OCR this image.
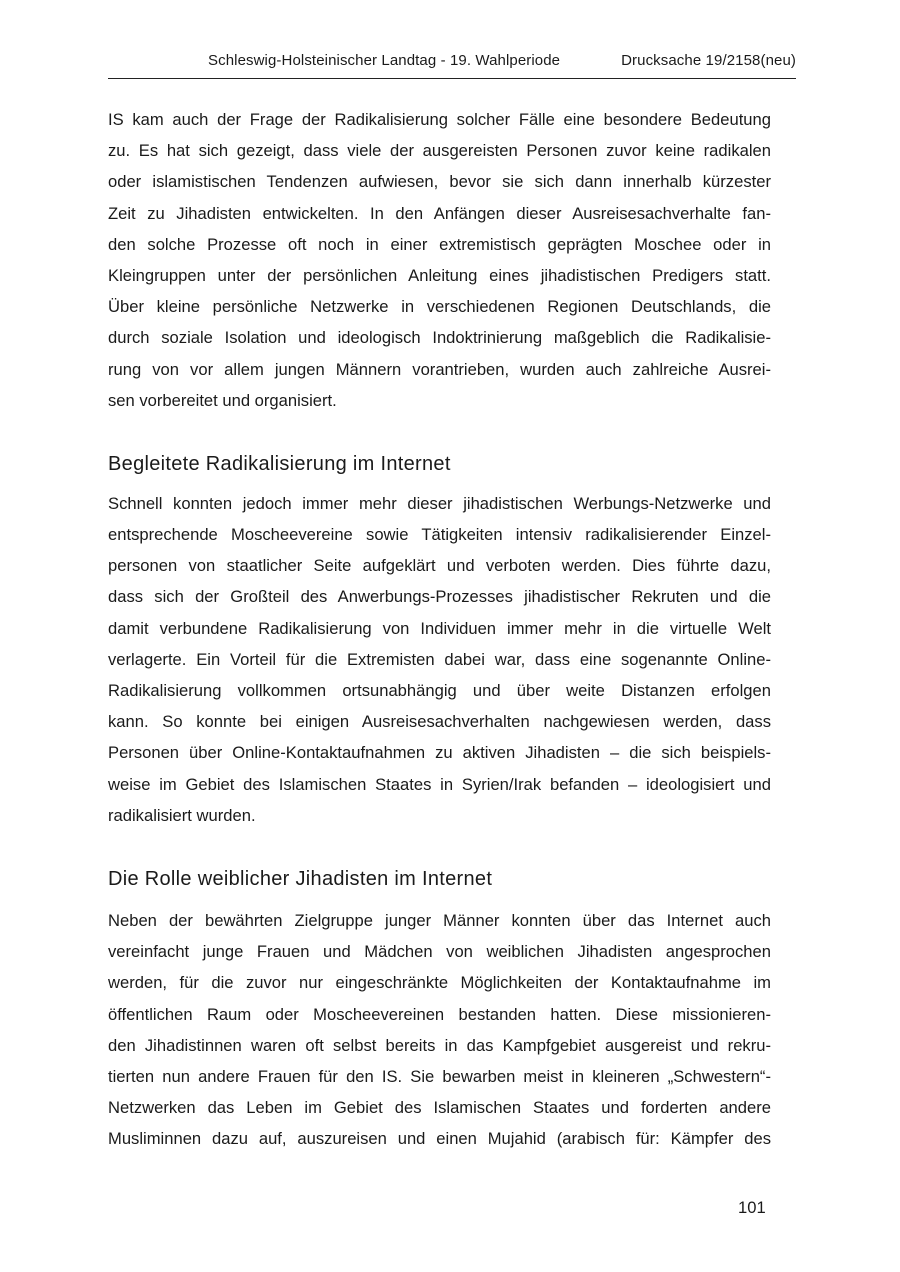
Schleswig-Holsteinischer Landtag - 19. Wahlperiode	Drucksache 19/2158(neu)

IS kam auch der Frage der Radikalisierung solcher Fälle eine besondere Bedeutung
zu. Es hat sich gezeigt, dass viele der ausgereisten Personen zuvor keine radikalen
oder islamistischen Tendenzen aufwiesen, bevor sie sich dann innerhalb kürzester
Zeit zu Jihadisten entwickelten. In den Anfängen dieser Ausreisesachverhalte fan-
den solche Prozesse oft noch in einer extremistisch geprägten Moschee oder in
Kleingruppen unter der persönlichen Anleitung eines jihadistischen Predigers statt.
Über kleine persönliche Netzwerke in verschiedenen Regionen Deutschlands, die
durch soziale Isolation und ideologisch Indoktrinierung maßgeblich die Radikalisie-
rung von vor allem jungen Männern vorantrieben, wurden auch zahlreiche Ausrei-
sen vorbereitet und organisiert.

Begleitete Radikalisierung im Internet

Schnell konnten jedoch immer mehr dieser jihadistischen Werbungs-Netzwerke und
entsprechende Moscheevereine sowie Tätigkeiten intensiv radikalisierender Einzel-
personen von staatlicher Seite aufgeklärt und verboten werden. Dies führte dazu,
dass sich der Großteil des Anwerbungs-Prozesses jihadistischer Rekruten und die
damit verbundene Radikalisierung von Individuen immer mehr in die virtuelle Welt
verlagerte. Ein Vorteil für die Extremisten dabei war, dass eine sogenannte Online-
Radikalisierung vollkommen ortsunabhängig und über weite Distanzen erfolgen
kann. So konnte bei einigen Ausreisesachverhalten nachgewiesen werden, dass
Personen über Online-Kontaktaufnahmen zu aktiven Jihadisten – die sich beispiels-
weise im Gebiet des Islamischen Staates in Syrien/Irak befanden – ideologisiert und
radikalisiert wurden.

Die Rolle weiblicher Jihadisten im Internet

Neben der bewährten Zielgruppe junger Männer konnten über das Internet auch
vereinfacht junge Frauen und Mädchen von weiblichen Jihadisten angesprochen
werden, für die zuvor nur eingeschränkte Möglichkeiten der Kontaktaufnahme im
öffentlichen Raum oder Moscheevereinen bestanden hatten. Diese missionieren-
den Jihadistinnen waren oft selbst bereits in das Kampfgebiet ausgereist und rekru-
tierten nun andere Frauen für den IS. Sie bewarben meist in kleineren „Schwestern“-
Netzwerken das Leben im Gebiet des Islamischen Staates und forderten andere
Musliminnen dazu auf, auszureisen und einen Mujahid (arabisch für: Kämpfer des

101
